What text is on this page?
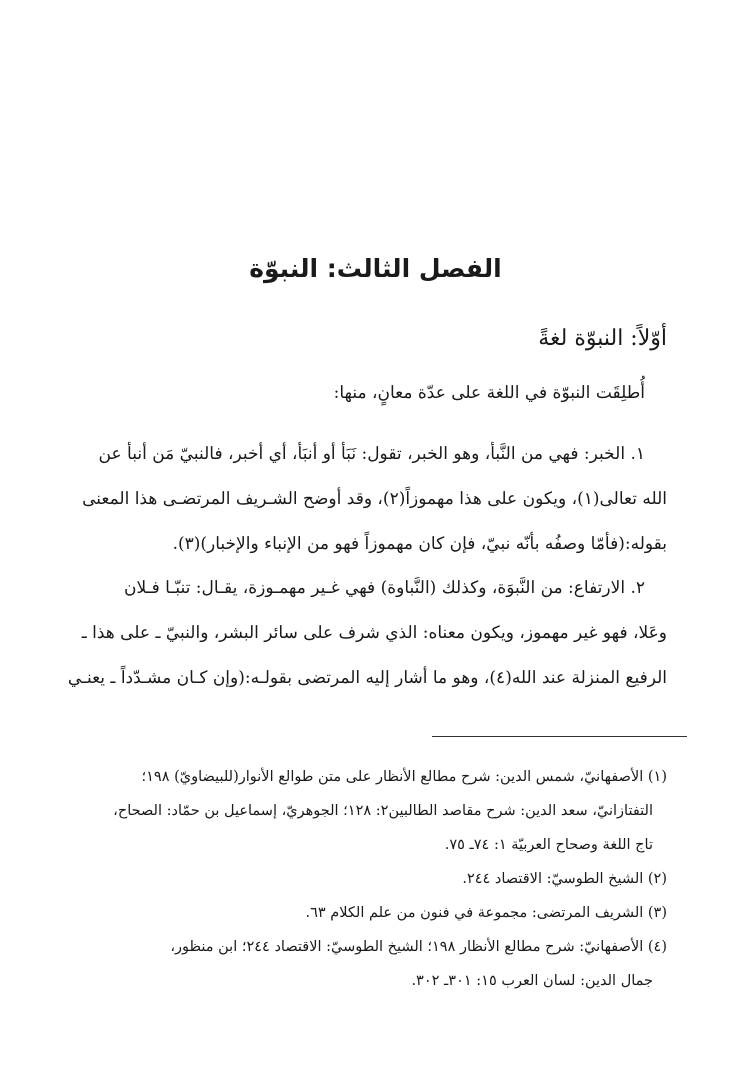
الفصل الثالث: النبوّة
أوّلاً: النبوّة لغةً
أُطلِقَت النبوّة في اللغة على عدّة معانٍ، منها:
١. الخبر: فهي من النَّبأ، وهو الخبر، تقول: نَبَأ أو أنبَأ، أي أخبر، فالنبيّ مَن أنبأ عن
الله تعالى(١)، ويكون على هذا مهموزاً(٢)، وقد أوضح الشـريف المرتضـى هذا المعنى
بقوله:(فأمّا وصفُه بأنّه نبيّ، فإن كان مهموزاً فهو من الإنباء والإخبار)(٣).
٢. الارتفاع: من النَّبوَة، وكذلك (النَّباوة) فهي غـير مهمـوزة، يقـال: تنبّـا فـلان
وعَلا، فهو غير مهموز، ويكون معناه: الذي شرف على سائر البشر، والنبيّ ـ على هذا ـ
الرفيع المنزلة عند الله(٤)، وهو ما أشار إليه المرتضى بقولـه:(وإن كـان مشـدّداً ـ يعنـي

(١) الأصفهانيّ، شمس الدين: شرح مطالع الأنظار على متن طوالع الأنوار(للبيضاويّ) ١٩٨؛

التفتازانيّ، سعد الدين: شرح مقاصد الطالبين٢: ١٢٨؛ الجوهريّ، إسماعيل بن حمّاد: الصحاح،

تاج اللغة وصحاح العربيّة ١: ٧٤ـ ٧٥.

(٢) الشيخ الطوسيّ: الاقتصاد ٢٤٤.

(٣) الشريف المرتضى: مجموعة في فنون من علم الكلام ٦٣.

(٤) الأصفهانيّ: شرح مطالع الأنظار ١٩٨؛ الشيخ الطوسيّ: الاقتصاد ٢٤٤؛ ابن منظور،

جمال الدين: لسان العرب ١٥: ٣٠١ـ ٣٠٢.
